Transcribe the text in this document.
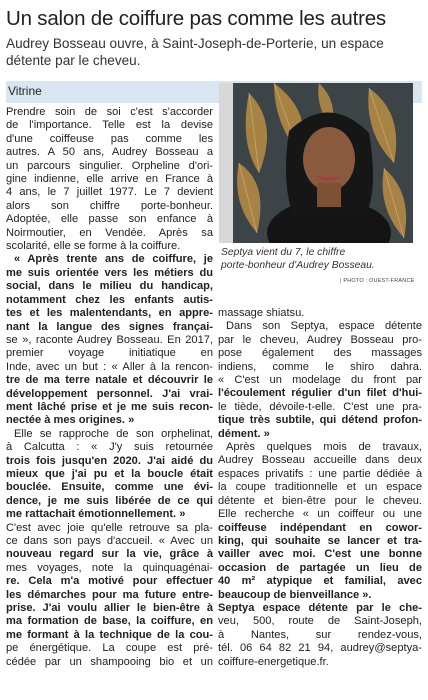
Un salon de coiffure pas comme les autres

Audrey Bosseau ouvre, à Saint-Joseph-de-Porterie, un espace

détente par le cheveu.

Vitrine

Prendre soin de soi c'est s'accorder

de l'importance. Telle est la devise

d'une coiffeuse pas comme les

autres. A 50 ans, Audrey Bosseau a

un parcours singulier. Orpheline d'ori-

gine indienne, elle arrive en France à

4 ans, le 7 juillet 1977. Le 7 devient

alors son chiffre porte-bonheur.

Adoptée, elle passe son enfance à

Noirmoutier, en Vendée. Après sa

scolarité, elle se forme à la coiffure.

« Après trente ans de coiffure, je

me suis orientée vers les métiers du

social, dans le milieu du handicap,

notamment chez les enfants autis-

tes et les malentendants, en appre-

nant la langue des signes françai-

se », raconte Audrey Bosseau. En 2017,

premier voyage initiatique en

Inde, avec un but : « Aller à la rencon-

tre de ma terre natale et découvrir le

développement personnel. J'ai vrai-

ment lâché prise et je me suis recon-

nectée à mes origines. »

Elle se rapproche de son orphelinat,

à Calcutta : « J'y suis retournée

trois fois jusqu'en 2020. J'ai aidé du

mieux que j'ai pu et la boucle était

bouclée. Ensuite, comme une évi-

dence, je me suis libérée de ce qui

me rattachait émotionnellement. »

C'est avec joie qu'elle retrouve sa pla-

ce dans son pays d'accueil. « Avec un

nouveau regard sur la vie, grâce à

mes voyages, note la quinquagénai-

re. Cela m'a motivé pour effectuer

les démarches pour ma future entre-

prise. J'ai voulu allier le bien-être à

ma formation de base, la coiffure, en

me formant à la technique de la cou-

pe énergétique. La coupe est pré-

cédée par un shampooing bio et un

Septya vient du 7, le chiffre

porte-bonheur d'Audrey Bosseau.

| PHOTO : OUEST-FRANCE

massage shiatsu.

Dans son Septya, espace détente

par le cheveu, Audrey Bosseau pro-

pose également des massages

indiens, comme le shiro dahra.

« C'est un modelage du front par

l'écoulement régulier d'un filet d'hui-

le tiède, dévoile-t-elle. C'est une pra-

tique très subtile, qui détend profon-

dément. »

Après quelques mois de travaux,

Audrey Bosseau accueille dans deux

espaces privatifs : une partie dédiée à

la coupe traditionnelle et un espace

détente et bien-être pour le cheveu.

Elle recherche « un coiffeur ou une

coiffeuse indépendant en cowor-

king, qui souhaite se lancer et tra-

vailler avec moi. C'est une bonne

occasion de partagée un lieu de

40 m² atypique et familial, avec

beaucoup de bienveillance ».

Septya espace détente par le che-

veu, 500, route de Saint-Joseph,

à Nantes, sur rendez-vous,

tél. 06 64 82 21 94, audrey@septya-

coiffure-energetique.fr.
